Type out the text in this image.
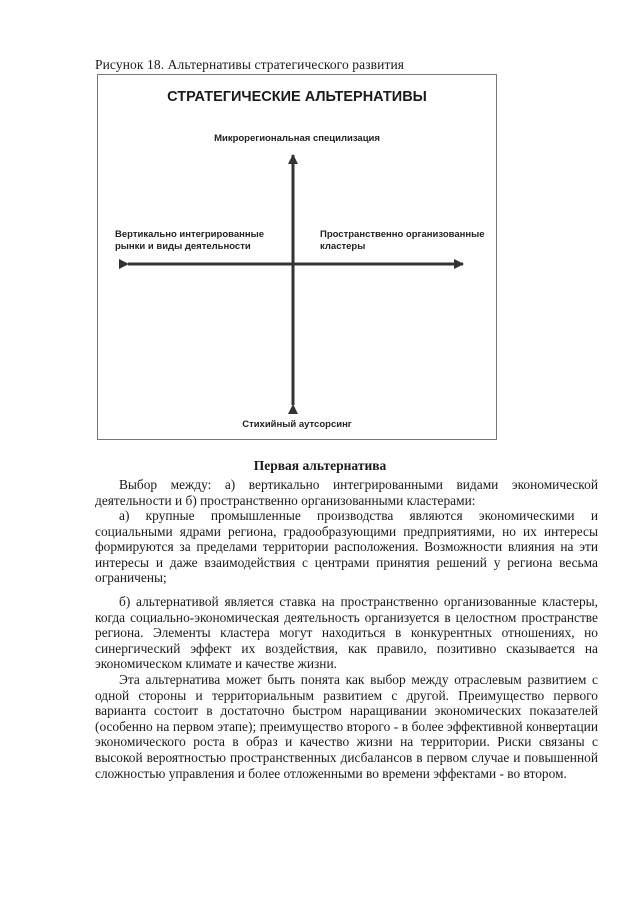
Рисунок 18. Альтернативы стратегического развития
СТРАТЕГИЧЕСКИЕ АЛЬТЕРНАТИВЫ
Микрорегиональная специлизация
Вертикально интегрированные
рынки и виды деятельности
Пространственно организованные
кластеры
Стихийный аутсорсинг
Первая альтернатива

Выбор между: а) вертикально интегрированными видами экономической деятельности и б) пространственно организованными кластерами:

а) крупные промышленные производства являются экономическими и социальными ядрами региона, градообразующими предприятиями, но их интересы формируются за пределами территории расположения. Возможности влияния на эти интересы и даже взаимодействия с центрами принятия решений у региона весьма ограничены;

б) альтернативой является ставка на пространственно организованные кластеры, когда социально-экономическая деятельность организуется в целостном пространстве региона. Элементы кластера могут находиться в конкурентных отношениях, но синергический эффект их воздействия, как правило, позитивно сказывается на экономическом климате и качестве жизни.

Эта альтернатива может быть понята как выбор между отраслевым развитием с одной стороны и территориальным развитием с другой. Преимущество первого варианта состоит в достаточно быстром наращивании экономических показателей (особенно на первом этапе); преимущество второго - в более эффективной конвертации экономического роста в образ и качество жизни на территории. Риски связаны с высокой вероятностью пространственных дисбалансов в первом случае и повышенной сложностью управления и более отложенными во времени эффектами - во втором.
